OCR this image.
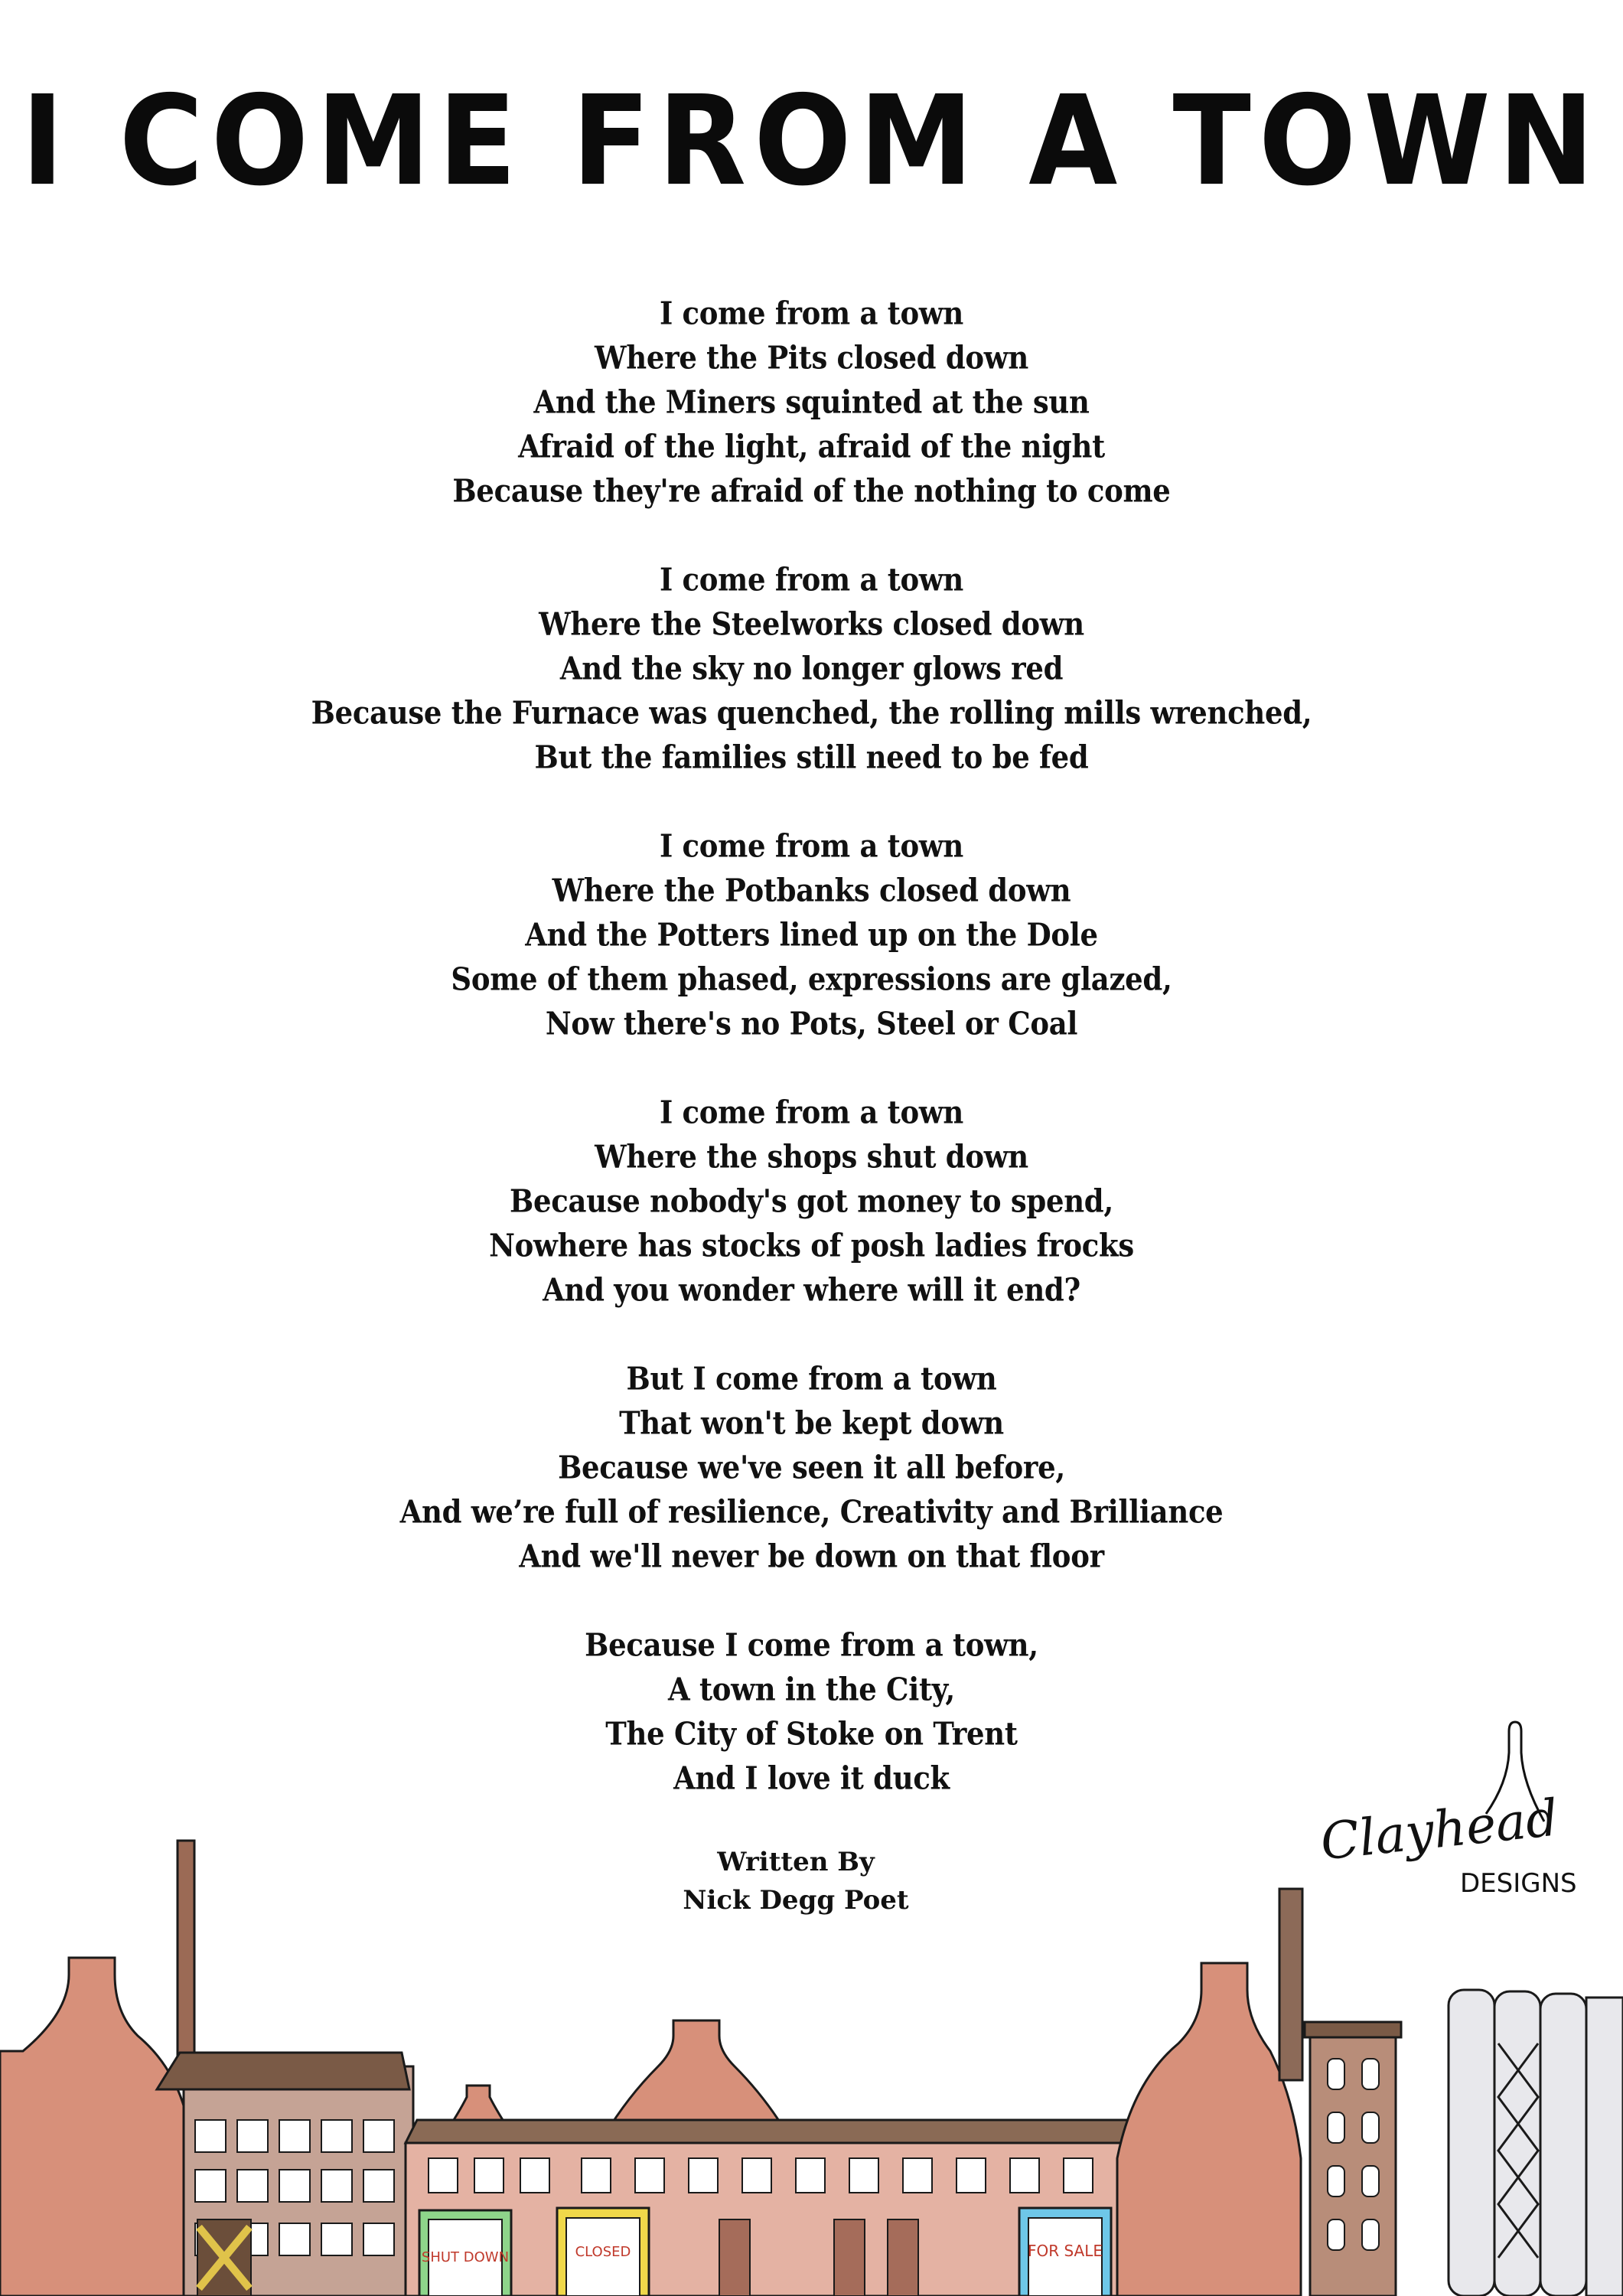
I COME FROM A TOWN
I come from a town
Where the Pits closed down
And the Miners squinted at the sun
Afraid of the light, afraid of the night
Because they're afraid of the nothing to come
I come from a town
Where the Steelworks closed down
And the sky no longer glows red
Because the Furnace was quenched, the rolling mills wrenched,
But the families still need to be fed
I come from a town
Where the Potbanks closed down
And the Potters lined up on the Dole
Some of them phased, expressions are glazed,
Now there's no Pots, Steel or Coal
I come from a town
Where the shops shut down
Because nobody's got money to spend,
Nowhere has stocks of posh ladies frocks
And you wonder where will it end?
But I come from a town
That won't be kept down
Because we've seen it all before,
And we’re full of resilience, Creativity and Brilliance
And we'll never be down on that floor
Because I come from a town,
A town in the City,
The City of Stoke on Trent
And I love it duck
Written By
Nick Degg Poet
Clayhead
DESIGNS
SHUT DOWN	CLOSED	FOR SALE
